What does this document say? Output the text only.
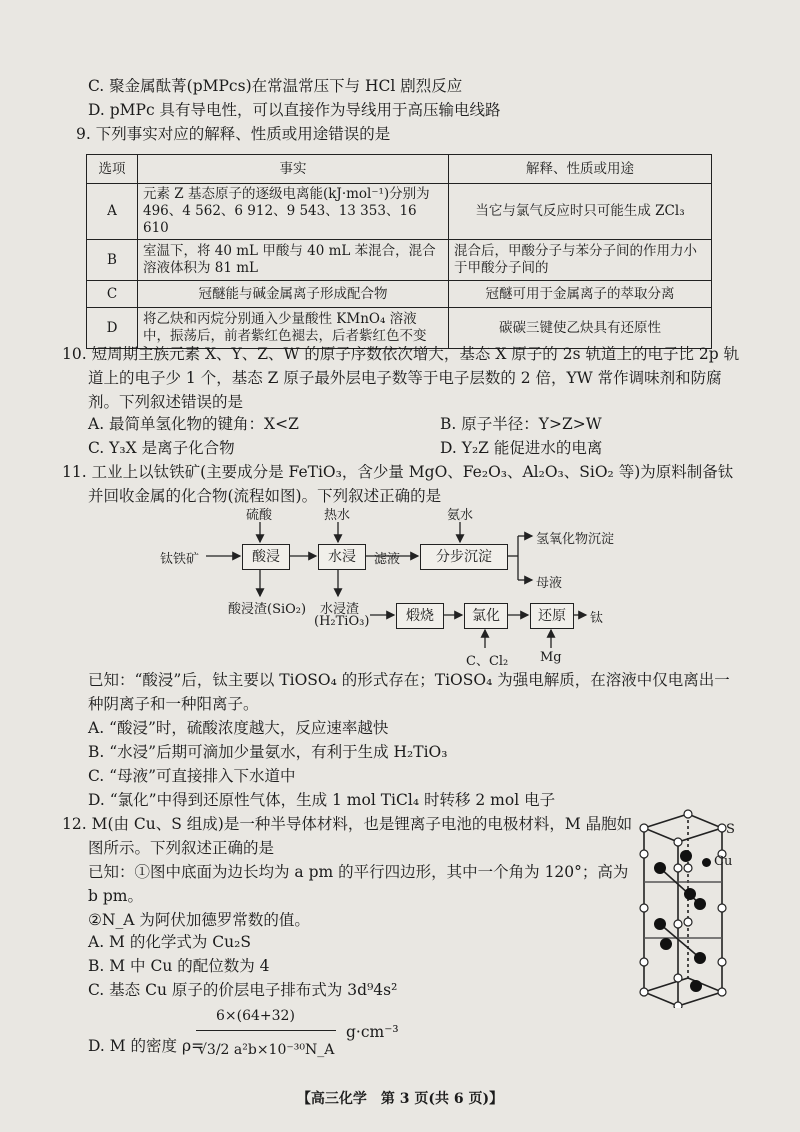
C. 聚金属酞菁(pMPcs)在常温常压下与 HCl 剧烈反应
D. pMPc 具有导电性，可以直接作为导线用于高压输电线路
9. 下列事实对应的解释、性质或用途错误的是
选项	事实	解释、性质或用途
A	元素 Z 基态原子的逐级电离能(kJ·mol⁻¹)分别为 496、4 562、6 912、9 543、13 353、16 610	当它与氯气反应时只可能生成 ZCl₃
B	室温下，将 40 mL 甲酸与 40 mL 苯混合，混合溶液体积为 81 mL	混合后，甲酸分子与苯分子间的作用力小于甲酸分子间的
C	冠醚能与碱金属离子形成配合物	冠醚可用于金属离子的萃取分离
D	将乙炔和丙烷分别通入少量酸性 KMnO₄ 溶液中，振荡后，前者紫红色褪去，后者紫红色不变	碳碳三键使乙炔具有还原性
10. 短周期主族元素 X、Y、Z、W 的原子序数依次增大，基态 X 原子的 2s 轨道上的电子比 2p 轨
道上的电子少 1 个，基态 Z 原子最外层电子数等于电子层数的 2 倍，YW 常作调味剂和防腐
剂。下列叙述错误的是
A. 最简单氢化物的键角：X<Z	B. 原子半径：Y>Z>W
C. Y₃X 是离子化合物	D. Y₂Z 能促进水的电离
11. 工业上以钛铁矿(主要成分是 FeTiO₃，含少量 MgO、Fe₂O₃、Al₂O₃、SiO₂ 等)为原料制备钛
并回收金属的化合物(流程如图)。下列叙述正确的是
钛铁矿
硫酸	热水	氨水
酸浸	水浸	滤液	分步沉淀
氢氧化物沉淀
母液
酸浸渣(SiO₂) 水浸渣
(H₂TiO₃)	煅烧	氯化	还原	钛
C、Cl₂ Mg
已知：“酸浸”后，钛主要以 TiOSO₄ 的形式存在；TiOSO₄ 为强电解质，在溶液中仅电离出一
种阴离子和一种阳离子。
A. “酸浸”时，硫酸浓度越大，反应速率越快
B. “水浸”后期可滴加少量氨水，有利于生成 H₂TiO₃
C. “母液”可直接排入下水道中
D. “氯化”中得到还原性气体，生成 1 mol TiCl₄ 时转移 2 mol 电子
12. M(由 Cu、S 组成)是一种半导体材料，也是锂离子电池的电极材料，M 晶胞如
图所示。下列叙述正确的是
已知：①图中底面为边长均为 a pm 的平行四边形，其中一个角为 120°；高为
b pm。
②N_A 为阿伏加德罗常数的值。
A. M 的化学式为 Cu₂S
B. M 中 Cu 的配位数为 4
C. 基态 Cu 原子的价层电子排布式为 3d⁹4s²
D. M 的密度 ρ=
6×(64+32)
√3/2 a²b×10⁻³⁰N_A
g·cm⁻³
S
Cu
【高三化学　第 3 页(共 6 页)】
